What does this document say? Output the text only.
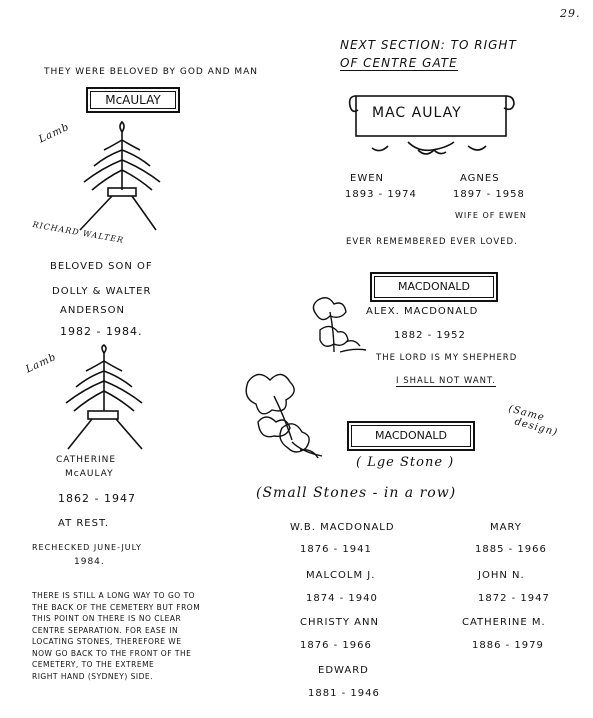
29.
THEY WERE BELOVED BY GOD AND MAN
McAULAY
Lamb
RICHARD WALTER
BELOVED SON OF
DOLLY & WALTER
ANDERSON
1982 - 1984.
Lamb
CATHERINE
McAULAY
1862 - 1947
AT REST.
RECHECKED JUNE-JULY
1984.
THERE IS STILL A LONG WAY TO GO TO
THE BACK OF THE CEMETERY BUT FROM
THIS POINT ON THERE IS NO CLEAR
CENTRE SEPARATION. FOR EASE IN
LOCATING STONES, THEREFORE WE
NOW GO BACK TO THE FRONT OF THE
CEMETERY, TO THE EXTREME
RIGHT HAND (SYDNEY) SIDE.
NEXT SECTION: TO RIGHT
OF CENTRE GATE
MAC AULAY
EWEN
1893 - 1974
AGNES
1897 - 1958
WIFE OF EWEN
EVER REMEMBERED EVER LOVED.
MACDONALD
ALEX. MACDONALD
1882 - 1952
THE LORD IS MY SHEPHERD
I SHALL NOT WANT.
(Same
design)
MACDONALD
( Lge Stone )
(Small Stones - in a row)
W.B. MACDONALD
1876 - 1941
MARY
1885 - 1966
MALCOLM J.
1874 - 1940
JOHN N.
1872 - 1947
CHRISTY ANN
1876 - 1966
CATHERINE M.
1886 - 1979
EDWARD
1881 - 1946
